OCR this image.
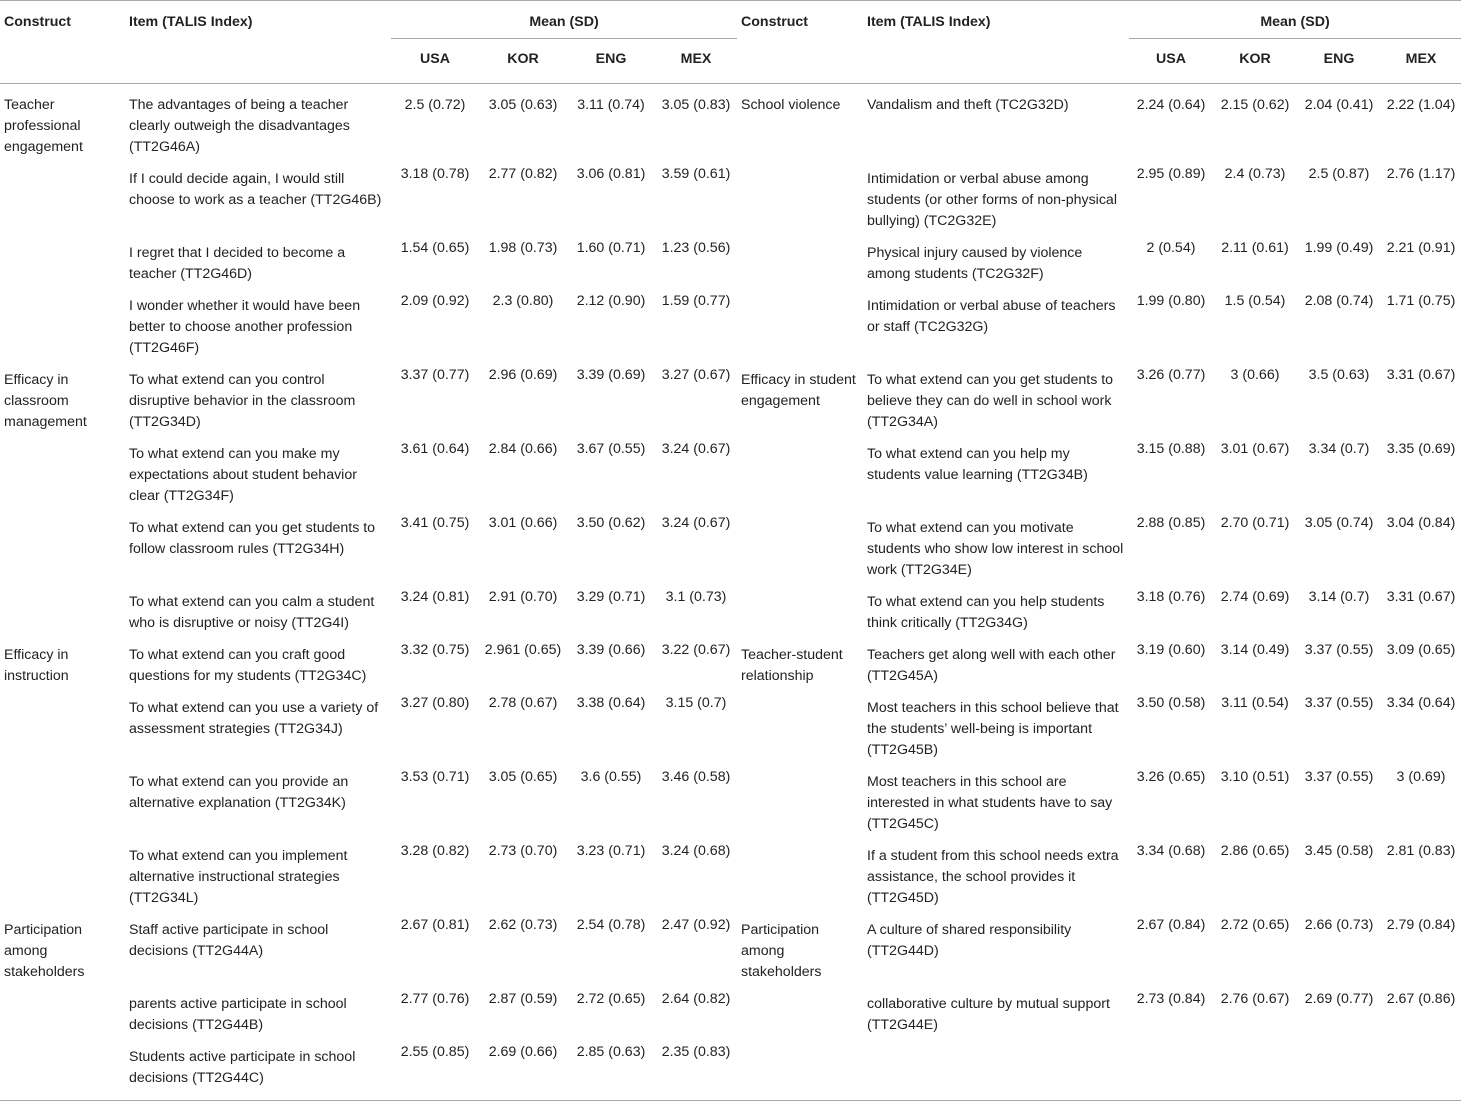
Construct	Item (TALIS Index)	Mean (SD)				Construct	Item (TALIS Index)	Mean (SD)			
		USA	KOR	ENG	MEX			USA	KOR	ENG	MEX
Teacher professional engagement	The advantages of being a teacher clearly outweigh the disadvantages (TT2G46A)	2.5 (0.72)	3.05 (0.63)	3.11 (0.74)	3.05 (0.83)	School violence	Vandalism and theft (TC2G32D)	2.24 (0.64)	2.15 (0.62)	2.04 (0.41)	2.22 (1.04)
	If I could decide again, I would still choose to work as a teacher (TT2G46B)	3.18 (0.78)	2.77 (0.82)	3.06 (0.81)	3.59 (0.61)		Intimidation or verbal abuse among students (or other forms of non-physical bullying) (TC2G32E)	2.95 (0.89)	2.4 (0.73)	2.5 (0.87)	2.76 (1.17)
	I regret that I decided to become a teacher (TT2G46D)	1.54 (0.65)	1.98 (0.73)	1.60 (0.71)	1.23 (0.56)		Physical injury caused by violence among students (TC2G32F)	2 (0.54)	2.11 (0.61)	1.99 (0.49)	2.21 (0.91)
	I wonder whether it would have been better to choose another profession (TT2G46F)	2.09 (0.92)	2.3 (0.80)	2.12 (0.90)	1.59 (0.77)		Intimidation or verbal abuse of teachers or staff (TC2G32G)	1.99 (0.80)	1.5 (0.54)	2.08 (0.74)	1.71 (0.75)
Efficacy in classroom management	To what extend can you control disruptive behavior in the classroom (TT2G34D)	3.37 (0.77)	2.96 (0.69)	3.39 (0.69)	3.27 (0.67)	Efficacy in student engagement	To what extend can you get students to believe they can do well in school work (TT2G34A)	3.26 (0.77)	3 (0.66)	3.5 (0.63)	3.31 (0.67)
	To what extend can you make my expectations about student behavior clear (TT2G34F)	3.61 (0.64)	2.84 (0.66)	3.67 (0.55)	3.24 (0.67)		To what extend can you help my students value learning (TT2G34B)	3.15 (0.88)	3.01 (0.67)	3.34 (0.7)	3.35 (0.69)
	To what extend can you get students to follow classroom rules (TT2G34H)	3.41 (0.75)	3.01 (0.66)	3.50 (0.62)	3.24 (0.67)		To what extend can you motivate students who show low interest in school work (TT2G34E)	2.88 (0.85)	2.70 (0.71)	3.05 (0.74)	3.04 (0.84)
	To what extend can you calm a student who is disruptive or noisy (TT2G4I)	3.24 (0.81)	2.91 (0.70)	3.29 (0.71)	3.1 (0.73)		To what extend can you help students think critically (TT2G34G)	3.18 (0.76)	2.74 (0.69)	3.14 (0.7)	3.31 (0.67)
Efficacy in instruction	To what extend can you craft good questions for my students (TT2G34C)	3.32 (0.75)	2.961 (0.65)	3.39 (0.66)	3.22 (0.67)	Teacher-student relationship	Teachers get along well with each other (TT2G45A)	3.19 (0.60)	3.14 (0.49)	3.37 (0.55)	3.09 (0.65)
	To what extend can you use a variety of assessment strategies (TT2G34J)	3.27 (0.80)	2.78 (0.67)	3.38 (0.64)	3.15 (0.7)		Most teachers in this school believe that the students’ well-being is important (TT2G45B)	3.50 (0.58)	3.11 (0.54)	3.37 (0.55)	3.34 (0.64)
	To what extend can you provide an alternative explanation (TT2G34K)	3.53 (0.71)	3.05 (0.65)	3.6 (0.55)	3.46 (0.58)		Most teachers in this school are interested in what students have to say (TT2G45C)	3.26 (0.65)	3.10 (0.51)	3.37 (0.55)	3 (0.69)
	To what extend can you implement alternative instructional strategies (TT2G34L)	3.28 (0.82)	2.73 (0.70)	3.23 (0.71)	3.24 (0.68)		If a student from this school needs extra assistance, the school provides it (TT2G45D)	3.34 (0.68)	2.86 (0.65)	3.45 (0.58)	2.81 (0.83)
Participation among stakeholders	Staff active participate in school decisions (TT2G44A)	2.67 (0.81)	2.62 (0.73)	2.54 (0.78)	2.47 (0.92)	Participation among stakeholders	A culture of shared responsibility (TT2G44D)	2.67 (0.84)	2.72 (0.65)	2.66 (0.73)	2.79 (0.84)
	parents active participate in school decisions (TT2G44B)	2.77 (0.76)	2.87 (0.59)	2.72 (0.65)	2.64 (0.82)		collaborative culture by mutual support (TT2G44E)	2.73 (0.84)	2.76 (0.67)	2.69 (0.77)	2.67 (0.86)
	Students active participate in school decisions (TT2G44C)	2.55 (0.85)	2.69 (0.66)	2.85 (0.63)	2.35 (0.83)						
